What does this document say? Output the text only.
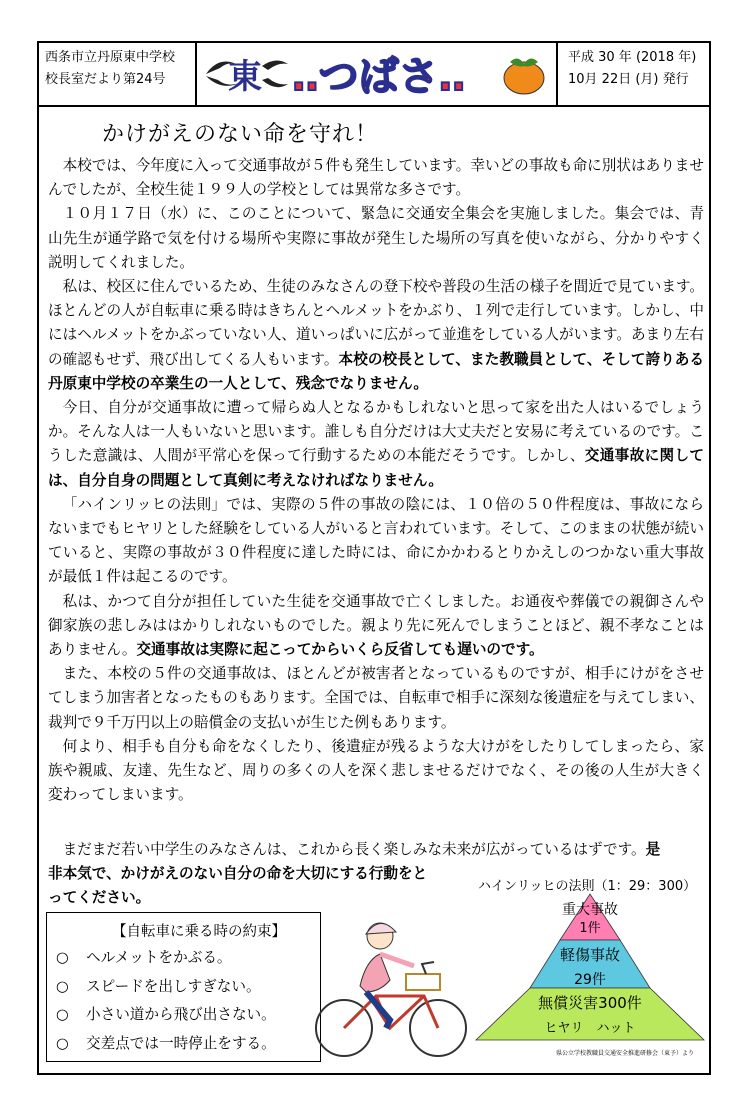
西条市立丹原東中学校
校長室だより第24号	東 ‥つばさ‥	平成 30 年 (2018 年)
10月 22日 (月) 発行
かけがえのない命を守れ！

本校では、今年度に入って交通事故が５件も発生しています。幸いどの事故も命に別状はありませんでしたが、全校生徒１９９人の学校としては異常な多さです。

１０月１７日（水）に、このことについて、緊急に交通安全集会を実施しました。集会では、青山先生が通学路で気を付ける場所や実際に事故が発生した場所の写真を使いながら、分かりやすく説明してくれました。

私は、校区に住んでいるため、生徒のみなさんの登下校や普段の生活の様子を間近で見ています。ほとんどの人が自転車に乗る時はきちんとヘルメットをかぶり、１列で走行しています。しかし、中にはヘルメットをかぶっていない人、道いっぱいに広がって並進をしている人がいます。あまり左右の確認もせず、飛び出してくる人もいます。本校の校長として、また教職員として、そして誇りある丹原東中学校の卒業生の一人として、残念でなりません。

今日、自分が交通事故に遭って帰らぬ人となるかもしれないと思って家を出た人はいるでしょうか。そんな人は一人もいないと思います。誰しも自分だけは大丈夫だと安易に考えているのです。こうした意識は、人間が平常心を保って行動するための本能だそうです。しかし、交通事故に関しては、自分自身の問題として真剣に考えなければなりません。

「ハインリッヒの法則」では、実際の５件の事故の陰には、１０倍の５０件程度は、事故にならないまでもヒヤリとした経験をしている人がいると言われています。そして、このままの状態が続いていると、実際の事故が３０件程度に達した時には、命にかかわるとりかえしのつかない重大事故が最低１件は起こるのです。

私は、かつて自分が担任していた生徒を交通事故で亡くしました。お通夜や葬儀での親御さんや御家族の悲しみははかりしれないものでした。親より先に死んでしまうことほど、親不孝なことはありません。交通事故は実際に起こってからいくら反省しても遅いのです。

また、本校の５件の交通事故は、ほとんどが被害者となっているものですが、相手にけがをさせてしまう加害者となったものもあります。全国では、自転車で相手に深刻な後遺症を与えてしまい、裁判で９千万円以上の賠償金の支払いが生じた例もあります。

何より、相手も自分も命をなくしたり、後遺症が残るような大けがをしたりしてしまったら、家族や親戚、友達、先生など、周りの多くの人を深く悲しませるだけでなく、その後の人生が大きく変わってしまいます。

まだまだ若い中学生のみなさんは、これから長く楽しみな未来が広がっているはずです。是
非本気で、かけがえのない自分の命を大切にする行動をと
ってください。
【自転車に乗る時の約束】
○ ヘルメットをかぶる。
○ スピードを出しすぎない。
○ 小さい道から飛び出さない。
○ 交差点では一時停止をする。
ハインリッヒの法則（1：29：300）
重大事故
1件
軽傷事故
29件
無償災害300件
ヒヤリ　ハット
県公立学校教職員交通安全推進研修会（東予）より
